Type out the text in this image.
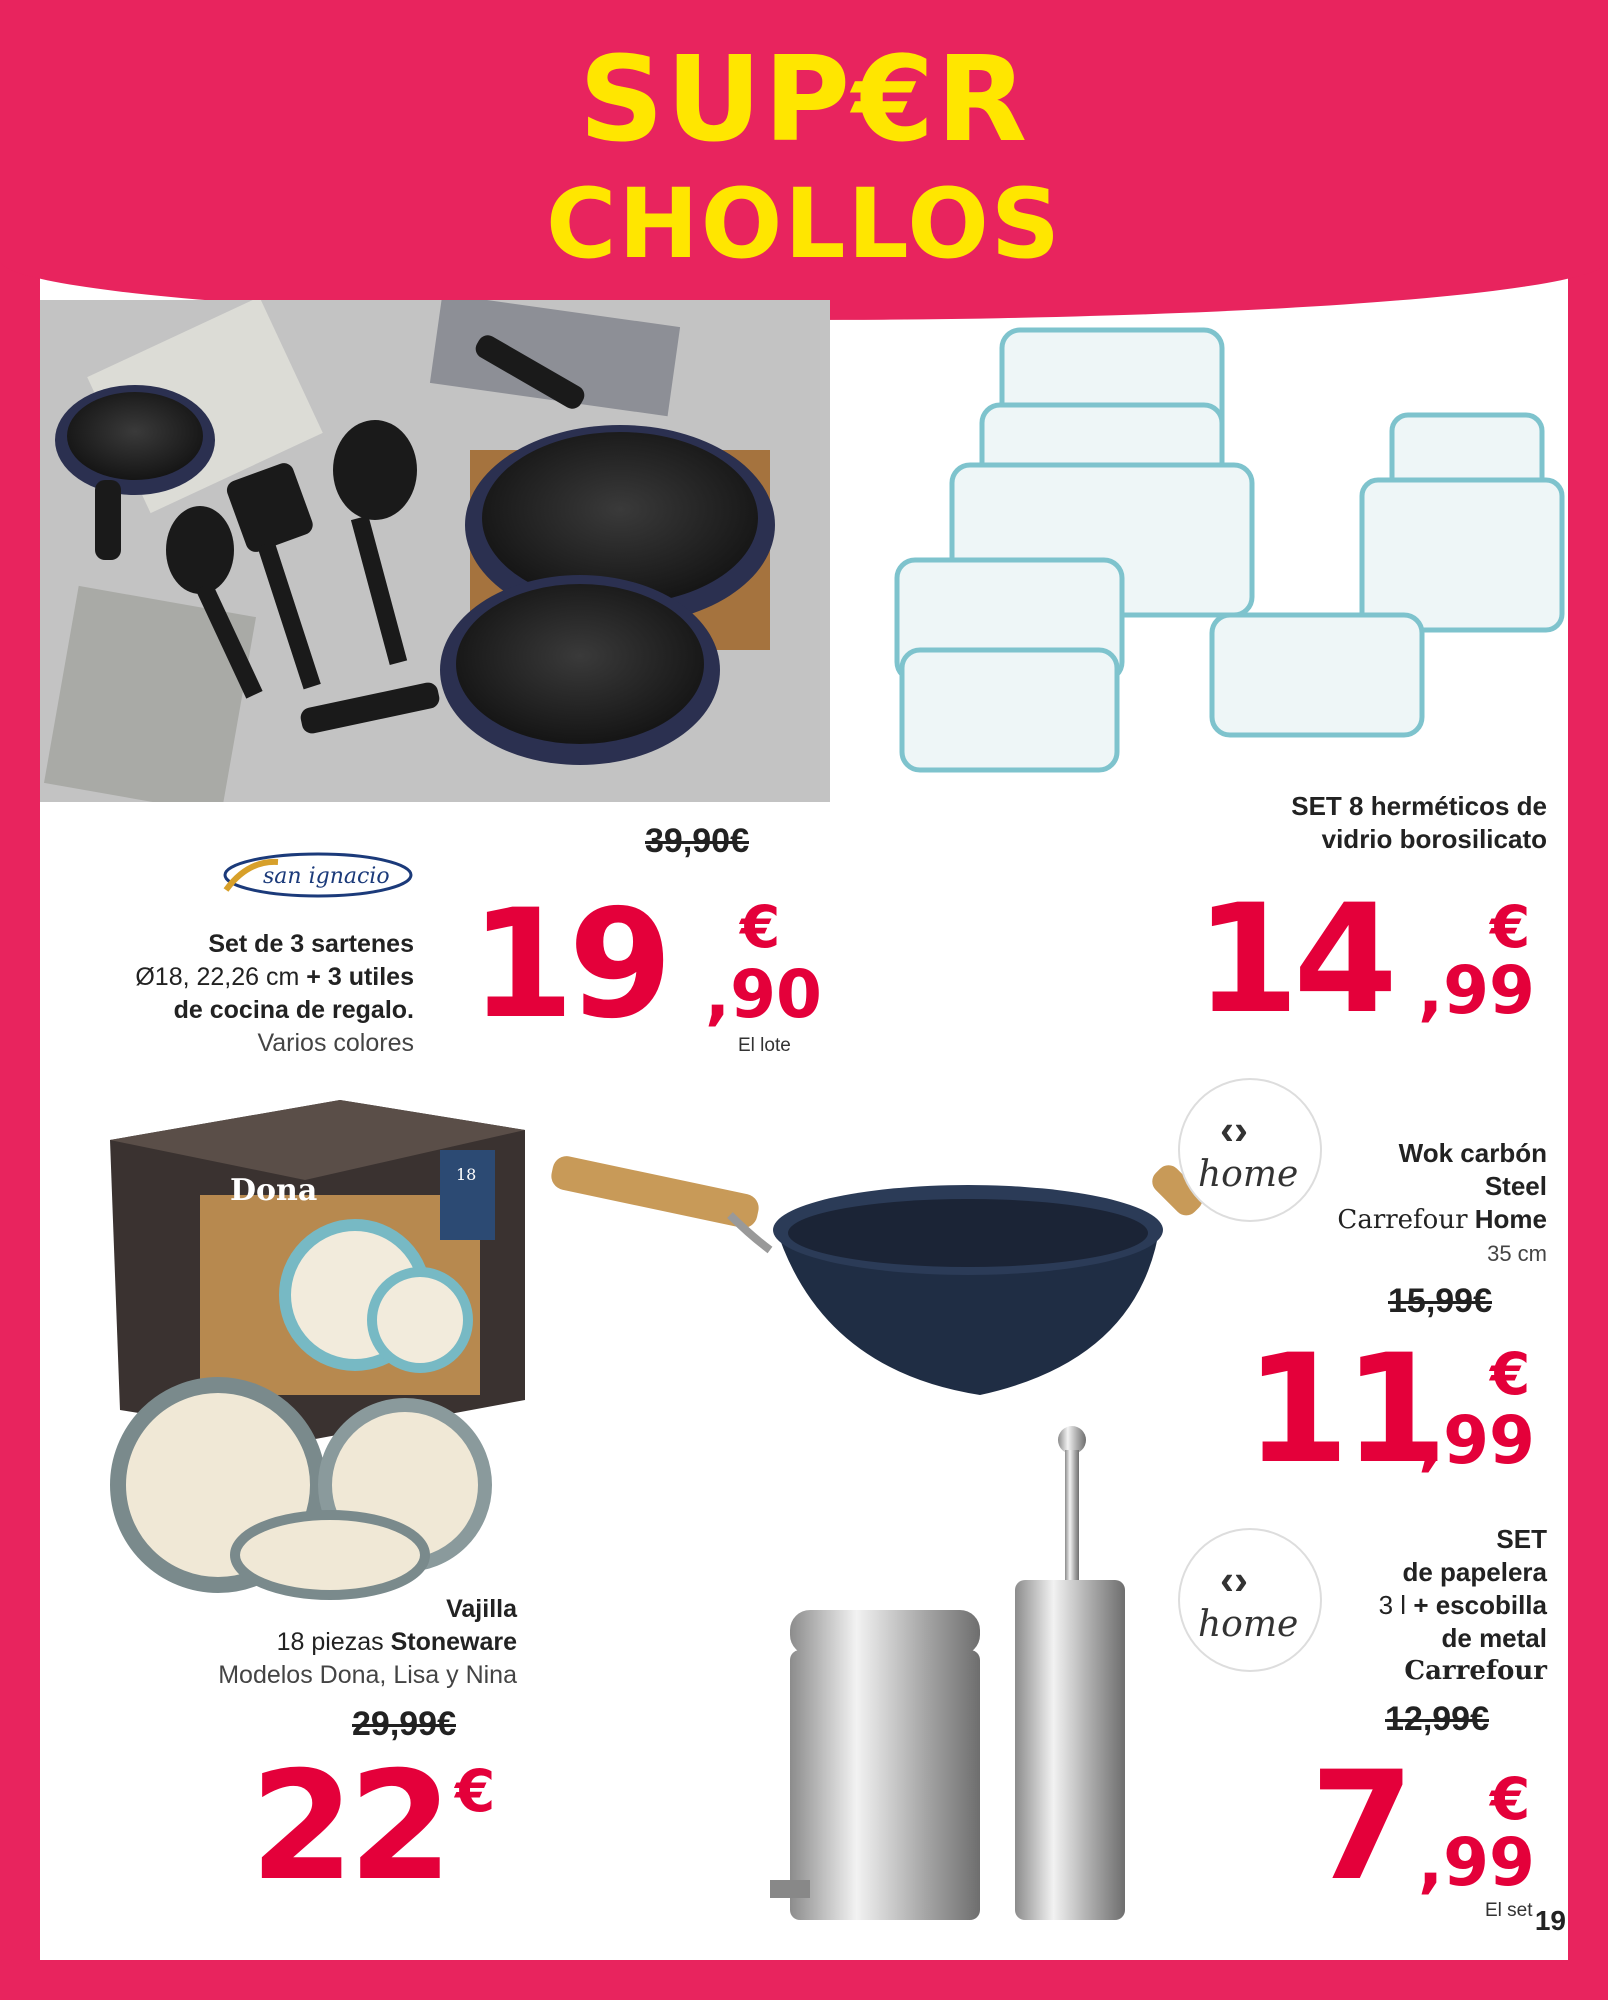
SUP€R
CHOLLOS
san ignacio
Set de 3 sartenes
Ø18, 22,26 cm + 3 utiles
de cocina de regalo.
Varios colores
39,90€
19 €
,90
El lote
SET 8 herméticos de
vidrio borosilicato
14 €
,99
Dona	18
Vajilla
18 piezas Stoneware
Modelos Dona, Lisa y Nina
29,99€
22 €
‹›
home
Wok carbón
Steel
Carrefour Home
35 cm
15,99€
11 €
,99
‹›
home
SET
de papelera
3 l + escobilla
de metal
Carrefour
12,99€
7 €
,99
El set 19
